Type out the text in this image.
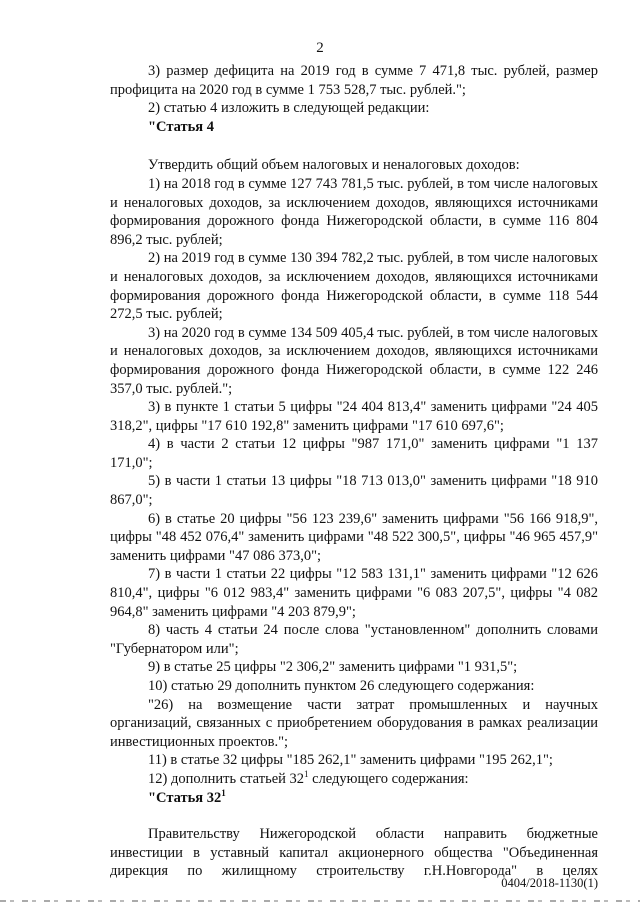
2

3) размер дефицита на 2019 год в сумме 7 471,8 тыс. рублей, размер профицита на 2020 год в сумме 1 753 528,7 тыс. рублей.";

2) статью 4 изложить в следующей редакции:

"Статья 4

Утвердить общий объем налоговых и неналоговых доходов:

1) на 2018 год в сумме 127 743 781,5 тыс. рублей, в том числе налоговых и неналоговых доходов, за исключением доходов, являющихся источниками формирования дорожного фонда Нижегородской области, в сумме 116 804 896,2 тыс. рублей;

2) на 2019 год в сумме 130 394 782,2 тыс. рублей, в том числе налоговых и неналоговых доходов, за исключением доходов, являющихся источниками формирования дорожного фонда Нижегородской области, в сумме 118 544 272,5 тыс. рублей;

3) на 2020 год в сумме 134 509 405,4 тыс. рублей, в том числе налоговых и неналоговых доходов, за исключением доходов, являющихся источниками формирования дорожного фонда Нижегородской области, в сумме 122 246 357,0 тыс. рублей.";

3) в пункте 1 статьи 5 цифры "24 404 813,4" заменить цифрами "24 405 318,2", цифры "17 610 192,8" заменить цифрами "17 610 697,6";

4) в части 2 статьи 12 цифры "987 171,0" заменить цифрами "1 137 171,0";

5) в части 1 статьи 13 цифры "18 713 013,0" заменить цифрами "18 910 867,0";

6) в статье 20 цифры "56 123 239,6" заменить цифрами "56 166 918,9", цифры "48 452 076,4" заменить цифрами "48 522 300,5", цифры "46 965 457,9" заменить цифрами "47 086 373,0";

7) в части 1 статьи 22 цифры "12 583 131,1" заменить цифрами "12 626 810,4", цифры "6 012 983,4" заменить цифрами "6 083 207,5", цифры "4 082 964,8" заменить цифрами "4 203 879,9";

8) часть 4 статьи 24 после слова "установленном" дополнить словами "Губернатором или";

9) в статье 25 цифры "2 306,2" заменить цифрами "1 931,5";

10) статью 29 дополнить пунктом 26 следующего содержания:

"26) на возмещение части затрат промышленных и научных организаций, связанных с приобретением оборудования в рамках реализации инвестиционных проектов.";

11) в статье 32 цифры "185 262,1" заменить цифрами "195 262,1";

12) дополнить статьей $32^1$ следующего содержания:

"Статья $32^1$

Правительству Нижегородской области направить бюджетные инвестиции в уставный капитал акционерного общества "Объединенная дирекция по жилищному строительству г.Н.Новгорода" в целях

0404/2018-1130(1)
